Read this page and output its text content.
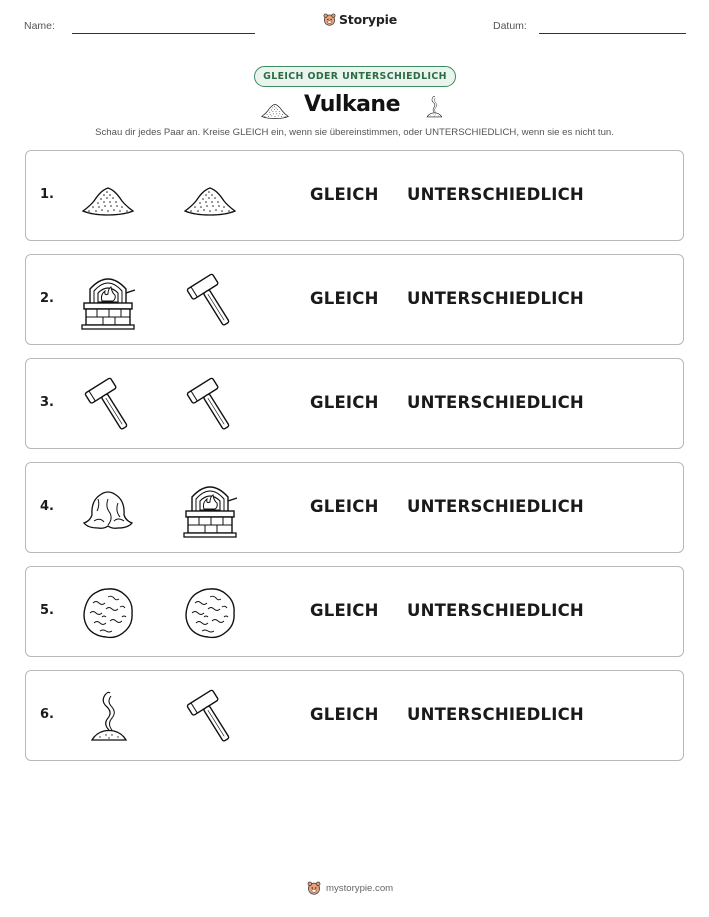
Name:	Storypie	Datum:
GLEICH ODER UNTERSCHIEDLICH
Vulkane
Schau dir jedes Paar an. Kreise GLEICH ein, wenn sie übereinstimmen, oder UNTERSCHIEDLICH, wenn sie es nicht tun.
1.	GLEICH UNTERSCHIEDLICH
2.	GLEICH UNTERSCHIEDLICH
3.	GLEICH UNTERSCHIEDLICH
4.	GLEICH UNTERSCHIEDLICH
5.	GLEICH UNTERSCHIEDLICH
6.	GLEICH UNTERSCHIEDLICH
mystorypie.com
